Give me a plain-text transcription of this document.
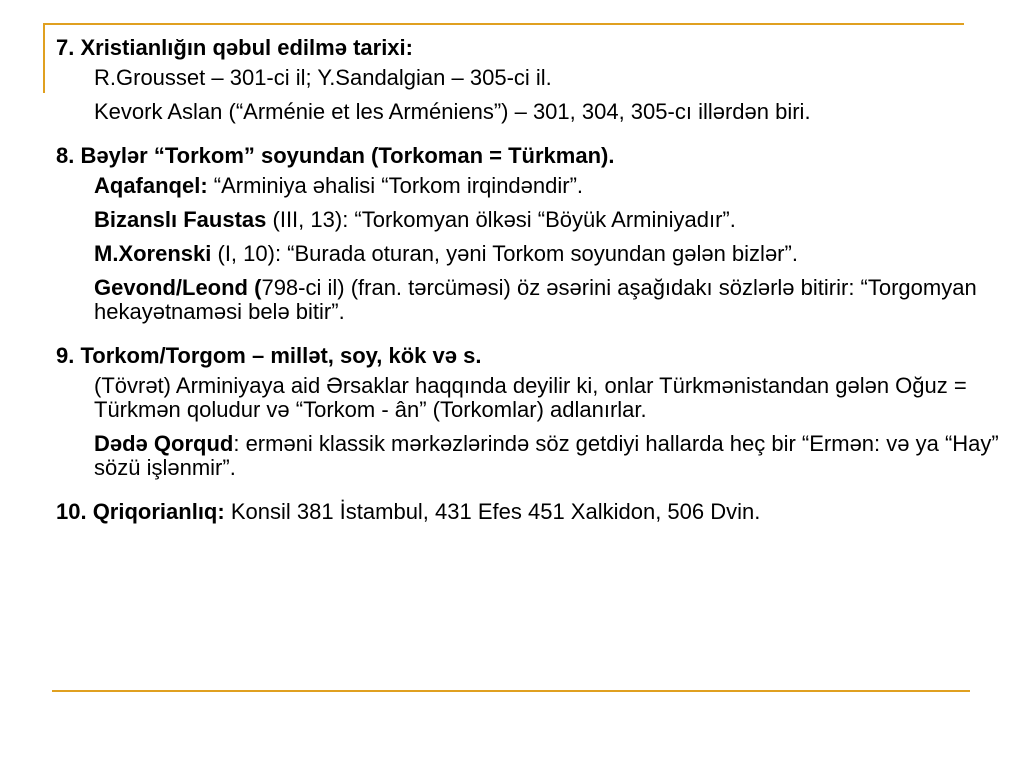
7. Xristianlığın qəbul edilmə tarixi:

R.Grousset – 301-ci il; Y.Sandalgian – 305-ci il.

Kevork Aslan (“Arménie et les Arméniens”) – 301, 304, 305-cı illərdən biri.

8. Bəylər “Torkom” soyundan (Torkoman = Türkman).

Aqafanqel: “Arminiya əhalisi “Torkom irqindəndir”.

Bizanslı Faustas (III, 13): “Torkomyan ölkəsi “Böyük Arminiyadır”.

M.Xorenski (I, 10): “Burada oturan, yəni Torkom soyundan gələn bizlər”.

Gevond/Leond (798-ci il) (fran. tərcüməsi) öz əsərini aşağıdakı sözlərlə bitirir: “Torgomyan hekayətnaməsi belə bitir”.

9. Torkom/Torgom – millət, soy, kök və s.

(Tövrət) Arminiyaya aid Ərsaklar haqqında deyilir ki, onlar Türkmənistandan gələn Oğuz = Türkmən qoludur və “Torkom - ân” (Torkomlar) adlanırlar.

Dədə Qorqud: erməni klassik mərkəzlərində söz getdiyi hallarda heç bir “Ermən: və ya “Hay” sözü işlənmir”.

10. Qriqorianlıq: Konsil 381 İstambul, 431 Efes 451 Xalkidon, 506 Dvin.
